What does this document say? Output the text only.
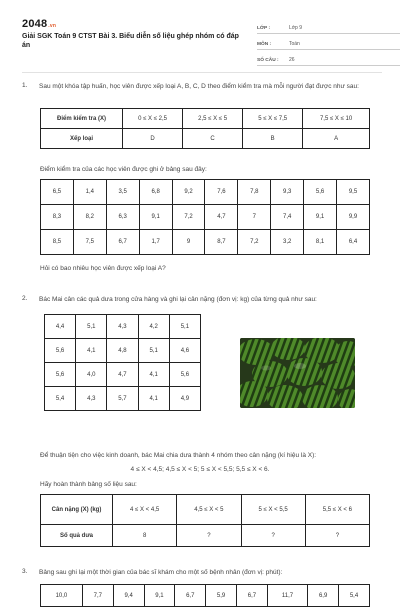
2048.vn
Giải SGK Toán 9 CTST Bài 3. Biểu diễn số liệu ghép nhóm có đáp án
LỚP :	Lớp 9
MÔN :	Toán
SỐ CÂU :	26
1. Sau một khóa tập huấn, học viên được xếp loại A, B, C, D theo điểm kiểm tra mà mỗi người đạt được như sau:
Điểm kiểm tra (X)	0 ≤ X ≤ 2,5	2,5 ≤ X ≤ 5	5 ≤ X ≤ 7,5	7,5 ≤ X ≤ 10
Xếp loại	D	C	B	A
Điểm kiểm tra của các học viên được ghi ở bảng sau đây:
6,5	1,4	3,5	6,8	9,2	7,6	7,8	9,3	5,6	9,5
8,3	8,2	6,3	9,1	7,2	4,7	7	7,4	9,1	9,9
8,5	7,5	6,7	1,7	9	8,7	7,2	3,2	8,1	6,4
Hỏi có bao nhiêu học viên được xếp loại A?
2. Bác Mai cân các quả dưa trong cửa hàng và ghi lại cân nặng (đơn vị: kg) của từng quả như sau:
4,4	5,1	4,3	4,2	5,1
5,6	4,1	4,8	5,1	4,6
5,6	4,0	4,7	4,1	5,6
5,4	4,3	5,7	4,1	4,9
Để thuận tiện cho việc kinh doanh, bác Mai chia dưa thành 4 nhóm theo cân nặng (kí hiệu là X):
4 ≤ X < 4,5; 4,5 ≤ X < 5; 5 ≤ X < 5,5; 5,5 ≤ X < 6.
Hãy hoàn thành bảng số liệu sau:
Cân nặng (X) (kg)	4 ≤ X < 4,5	4,5 ≤ X < 5	5 ≤ X < 5,5	5,5 ≤ X < 6
Số quả dưa	8	?	?	?
3. Bảng sau ghi lại một thời gian của bác sĩ khám cho một số bệnh nhân (đơn vị: phút):
10,0	7,7	9,4	9,1	6,7	5,9	6,7	11,7	6,9	5,4
